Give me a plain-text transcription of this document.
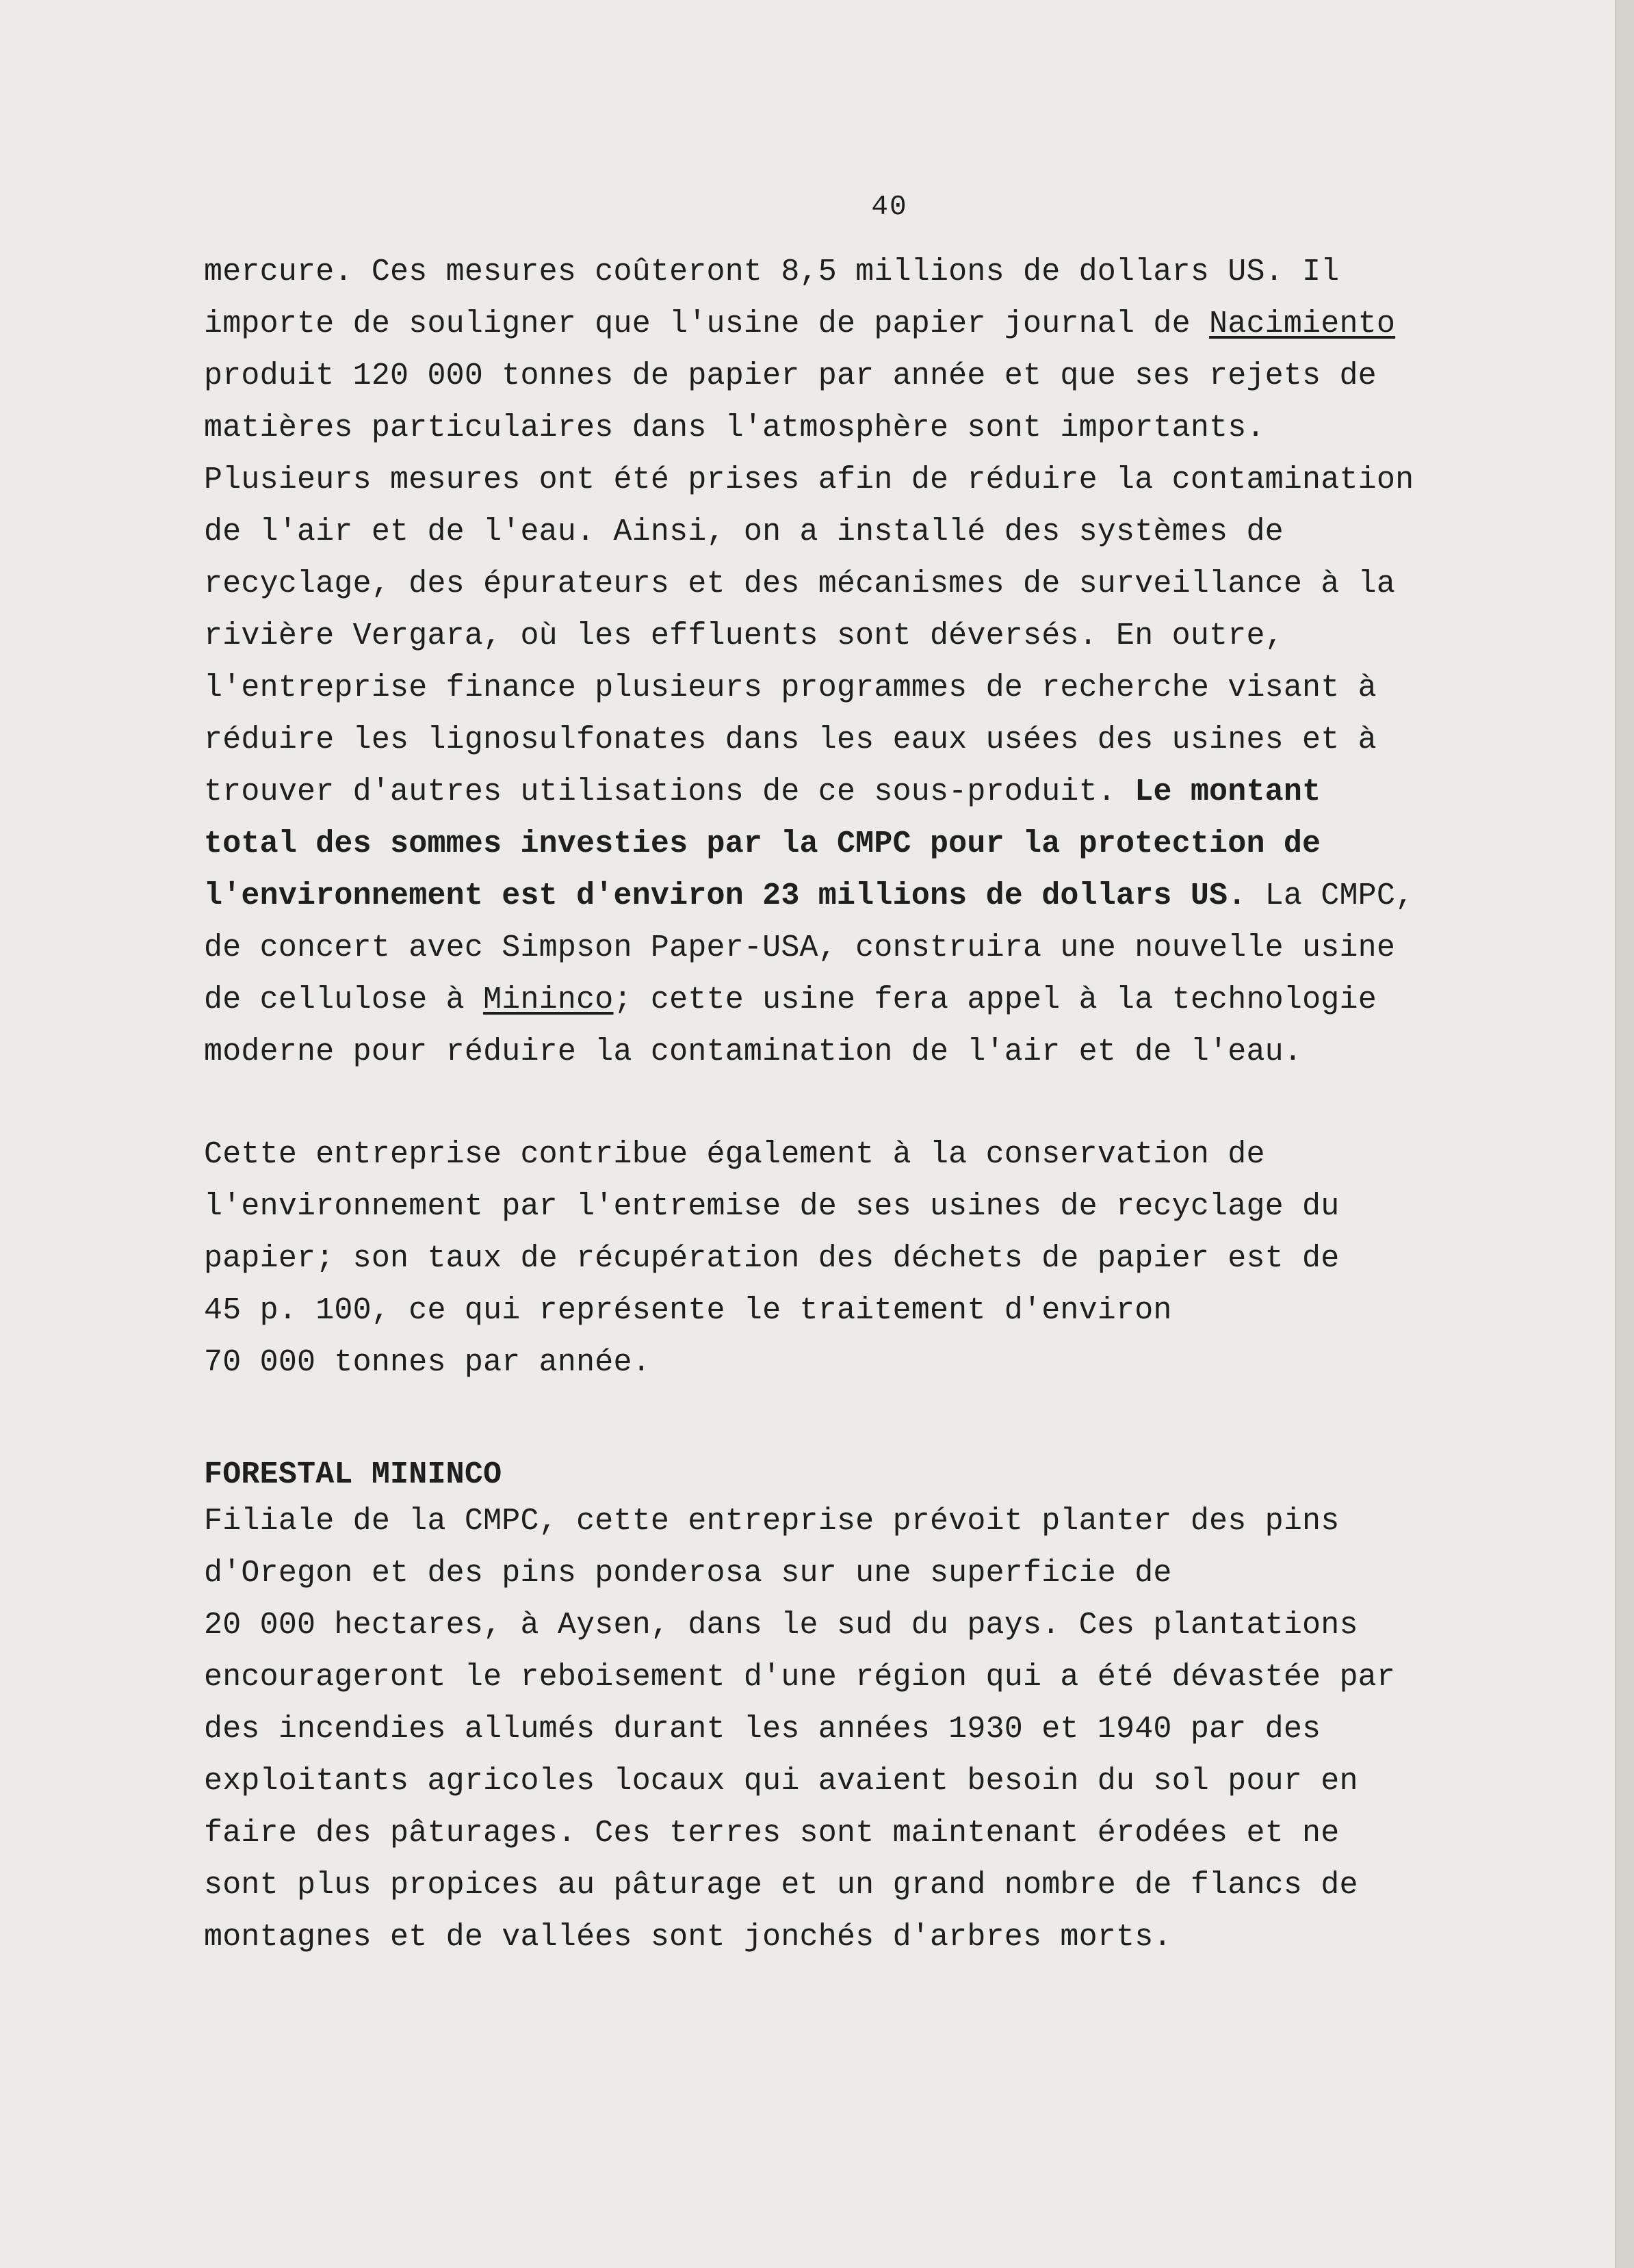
40
mercure. Ces mesures coûteront 8,5 millions de dollars US. Il
importe de souligner que l'usine de papier journal de Nacimiento
produit 120 000 tonnes de papier par année et que ses rejets de
matières particulaires dans l'atmosphère sont importants.
Plusieurs mesures ont été prises afin de réduire la contamination
de l'air et de l'eau. Ainsi, on a installé des systèmes de
recyclage, des épurateurs et des mécanismes de surveillance à la
rivière Vergara, où les effluents sont déversés. En outre,
l'entreprise finance plusieurs programmes de recherche visant à
réduire les lignosulfonates dans les eaux usées des usines et à
trouver d'autres utilisations de ce sous-produit. Le montant
total des sommes investies par la CMPC pour la protection de
l'environnement est d'environ 23 millions de dollars US. La CMPC,
de concert avec Simpson Paper-USA, construira une nouvelle usine
de cellulose à Mininco; cette usine fera appel à la technologie
moderne pour réduire la contamination de l'air et de l'eau.
Cette entreprise contribue également à la conservation de
l'environnement par l'entremise de ses usines de recyclage du
papier; son taux de récupération des déchets de papier est de
45 p. 100, ce qui représente le traitement d'environ
70 000 tonnes par année.
FORESTAL MININCO
Filiale de la CMPC, cette entreprise prévoit planter des pins
d'Oregon et des pins ponderosa sur une superficie de
20 000 hectares, à Aysen, dans le sud du pays. Ces plantations
encourageront le reboisement d'une région qui a été dévastée par
des incendies allumés durant les années 1930 et 1940 par des
exploitants agricoles locaux qui avaient besoin du sol pour en
faire des pâturages. Ces terres sont maintenant érodées et ne
sont plus propices au pâturage et un grand nombre de flancs de
montagnes et de vallées sont jonchés d'arbres morts.
